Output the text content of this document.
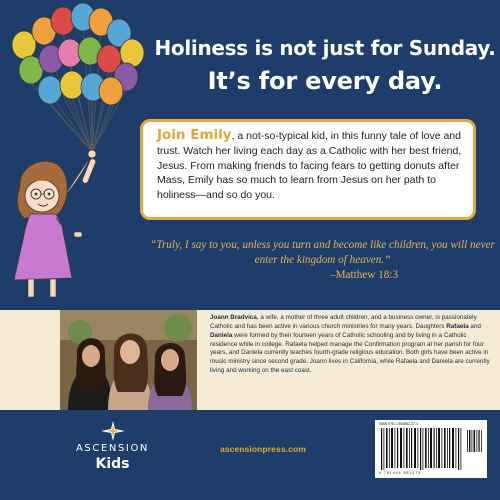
Holiness is not just for Sunday.
It’s for every day.
Join Emily, a not-so-typical kid, in this funny tale of love and trust. Watch her living each day as a Catholic with her best friend, Jesus. From making friends to facing fears to getting donuts after Mass, Emily has so much to learn from Jesus on her path to holiness—and so do you.
“Truly, I say to you, unless you turn and become like children, you will never enter the kingdom of heaven.”
–Matthew 18:3
Joann Bradvica, a wife, a mother of three adult children, and a business owner, is passionately Catholic and has been active in various church ministries for many years. Daughters Rafaela and Daniela were formed by their fourteen years of Catholic schooling and by living in a Catholic residence while in college. Rafaela helped manage the Confirmation program at her parish for four years, and Daniela currently teaches fourth-grade religious education. Both girls have been active in music ministry since second grade. Joann lives in California, while Rafaela and Daniela are currently living and working on the east coast.
ASCENSION
Kids
ascensionpress.com
ISBN 978-1-954882-27-3
9 781954 882273
